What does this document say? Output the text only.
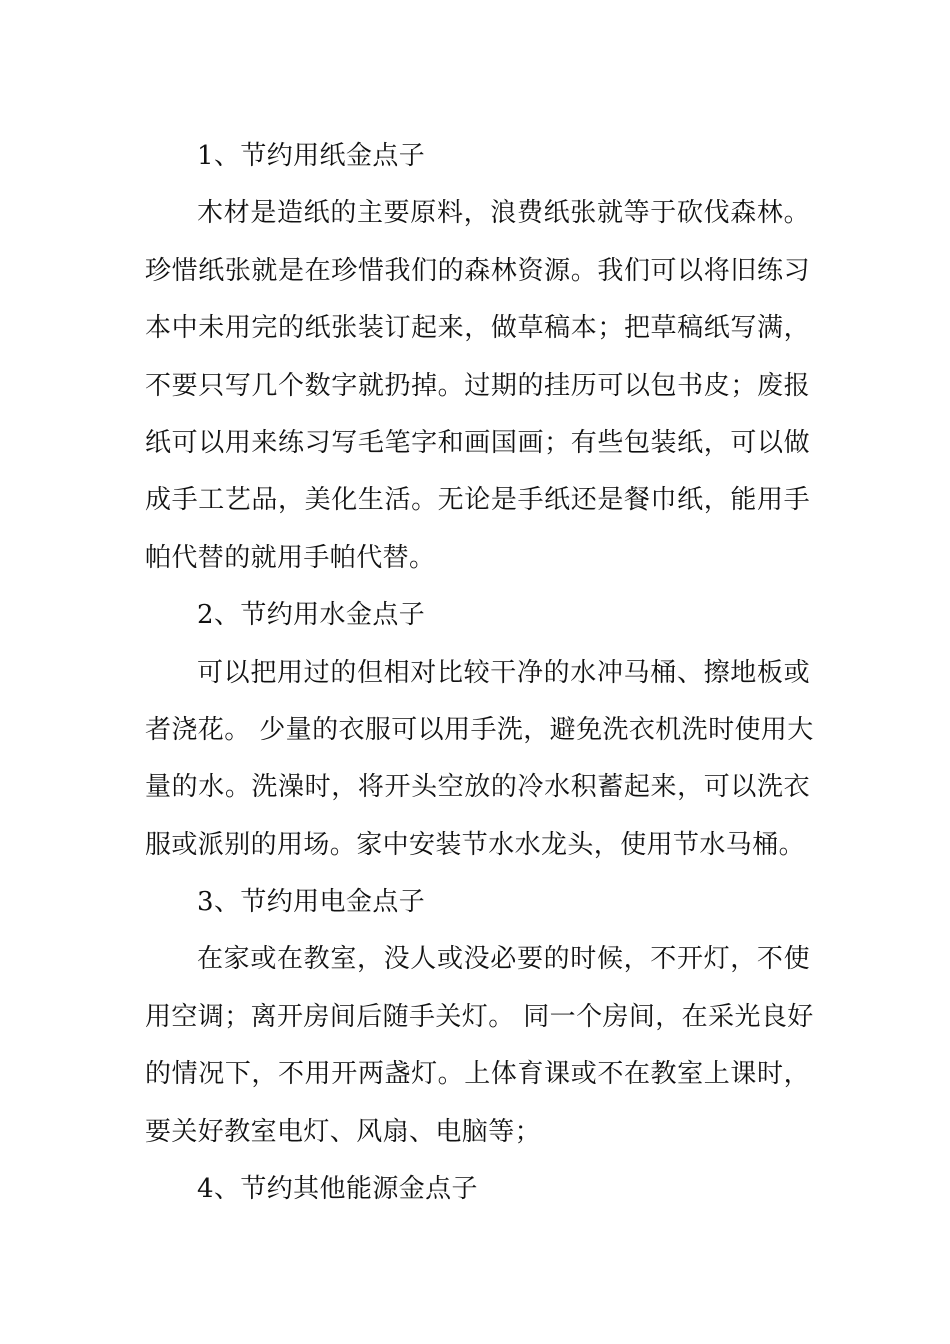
1、节约用纸金点子
木材是造纸的主要原料，浪费纸张就等于砍伐森林。
珍惜纸张就是在珍惜我们的森林资源。我们可以将旧练习
本中未用完的纸张装订起来，做草稿本；把草稿纸写满，
不要只写几个数字就扔掉。过期的挂历可以包书皮；废报
纸可以用来练习写毛笔字和画国画；有些包装纸，可以做
成手工艺品，美化生活。无论是手纸还是餐巾纸，能用手
帕代替的就用手帕代替。
2、节约用水金点子
可以把用过的但相对比较干净的水冲马桶、擦地板或
者浇花。 少量的衣服可以用手洗，避免洗衣机洗时使用大
量的水。洗澡时，将开头空放的冷水积蓄起来，可以洗衣
服或派别的用场。家中安装节水水龙头，使用节水马桶。
3、节约用电金点子
在家或在教室，没人或没必要的时候，不开灯，不使
用空调；离开房间后随手关灯。 同一个房间，在采光良好
的情况下，不用开两盏灯。上体育课或不在教室上课时，
要关好教室电灯、风扇、电脑等；
4、节约其他能源金点子
